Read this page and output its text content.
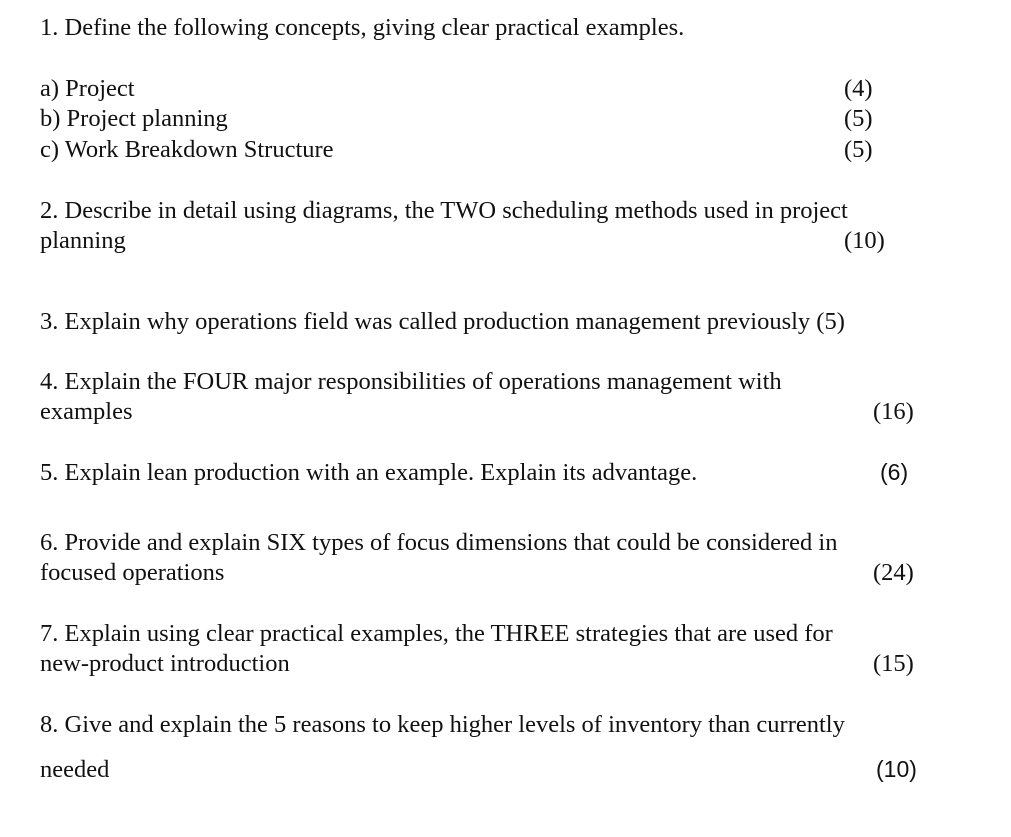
1. Define the following concepts, giving clear practical examples.
a) Project	(4)
b) Project planning	(5)
c) Work Breakdown Structure	(5)
2. Describe in detail using diagrams, the TWO scheduling methods used in project
planning	(10)
3. Explain why operations field was called production management previously (5)
4. Explain the FOUR major responsibilities of operations management with
examples	(16)
5. Explain lean production with an example. Explain its advantage.	(6)
6. Provide and explain SIX types of focus dimensions that could be considered in
focused operations	(24)
7. Explain using clear practical examples, the THREE strategies that are used for
new-product introduction	(15)
8. Give and explain the 5 reasons to keep higher levels of inventory than currently
needed	(10)
